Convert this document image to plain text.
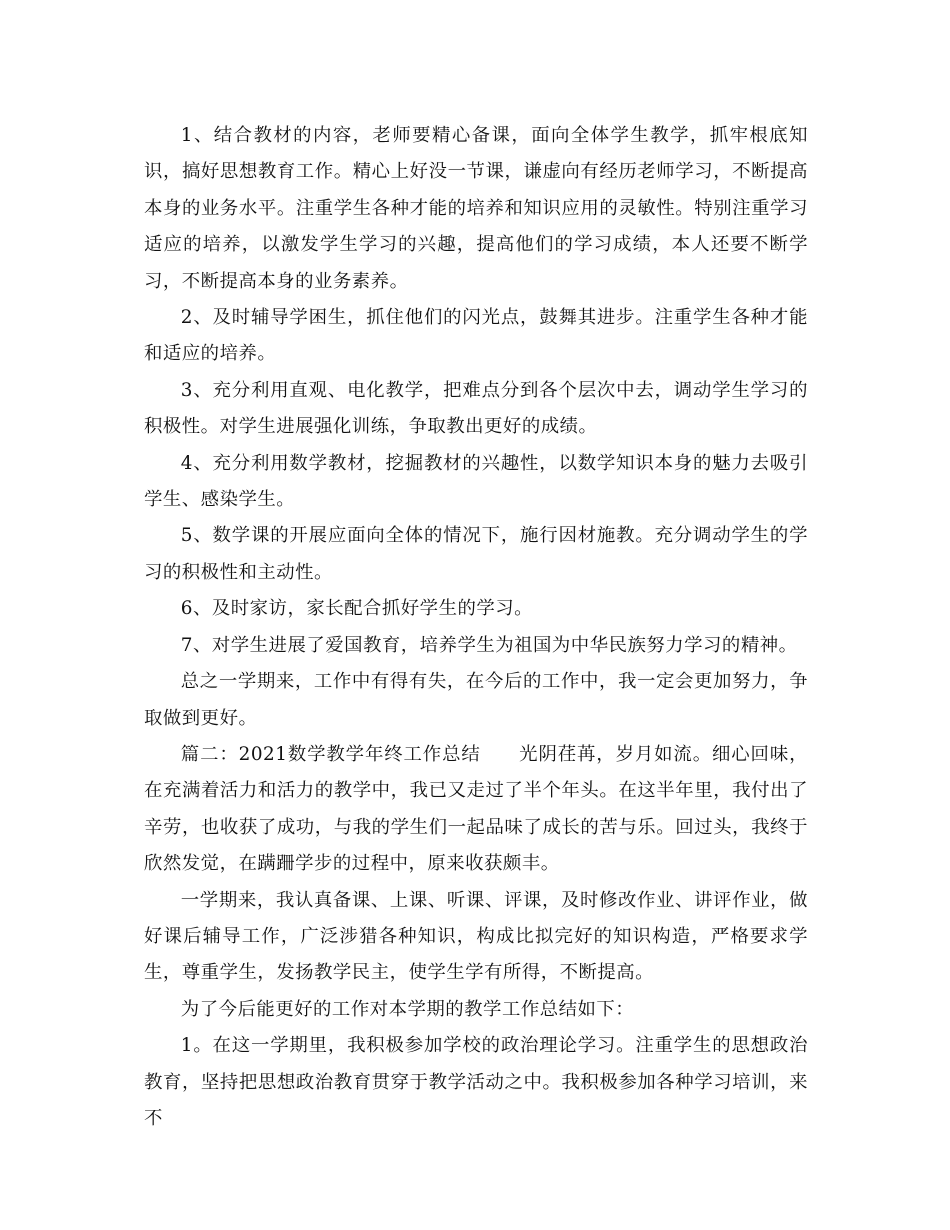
1、结合教材的内容，老师要精心备课，面向全体学生教学，抓牢根底知识，搞好思想教育工作。精心上好没一节课，谦虚向有经历老师学习，不断提高本身的业务水平。注重学生各种才能的培养和知识应用的灵敏性。特别注重学习适应的培养，以激发学生学习的兴趣，提高他们的学习成绩，本人还要不断学习，不断提高本身的业务素养。

2、及时辅导学困生，抓住他们的闪光点，鼓舞其进步。注重学生各种才能和适应的培养。

3、充分利用直观、电化教学，把难点分到各个层次中去，调动学生学习的积极性。对学生进展强化训练，争取教出更好的成绩。

4、充分利用数学教材，挖掘教材的兴趣性，以数学知识本身的魅力去吸引学生、感染学生。

5、数学课的开展应面向全体的情况下，施行因材施教。充分调动学生的学习的积极性和主动性。

6、及时家访，家长配合抓好学生的学习。

7、对学生进展了爱国教育，培养学生为祖国为中华民族努力学习的精神。

总之一学期来，工作中有得有失，在今后的工作中，我一定会更加努力，争取做到更好。

篇二：2021数学教学年终工作总结　　光阴荏苒，岁月如流。细心回味，在充满着活力和活力的教学中，我已又走过了半个年头。在这半年里，我付出了辛劳，也收获了成功，与我的学生们一起品味了成长的苦与乐。回过头，我终于欣然发觉，在蹒跚学步的过程中，原来收获颇丰。

一学期来，我认真备课、上课、听课、评课，及时修改作业、讲评作业，做好课后辅导工作，广泛涉猎各种知识，构成比拟完好的知识构造，严格要求学生，尊重学生，发扬教学民主，使学生学有所得，不断提高。

为了今后能更好的工作对本学期的教学工作总结如下：

1。在这一学期里，我积极参加学校的政治理论学习。注重学生的思想政治教育，坚持把思想政治教育贯穿于教学活动之中。我积极参加各种学习培训，来不
